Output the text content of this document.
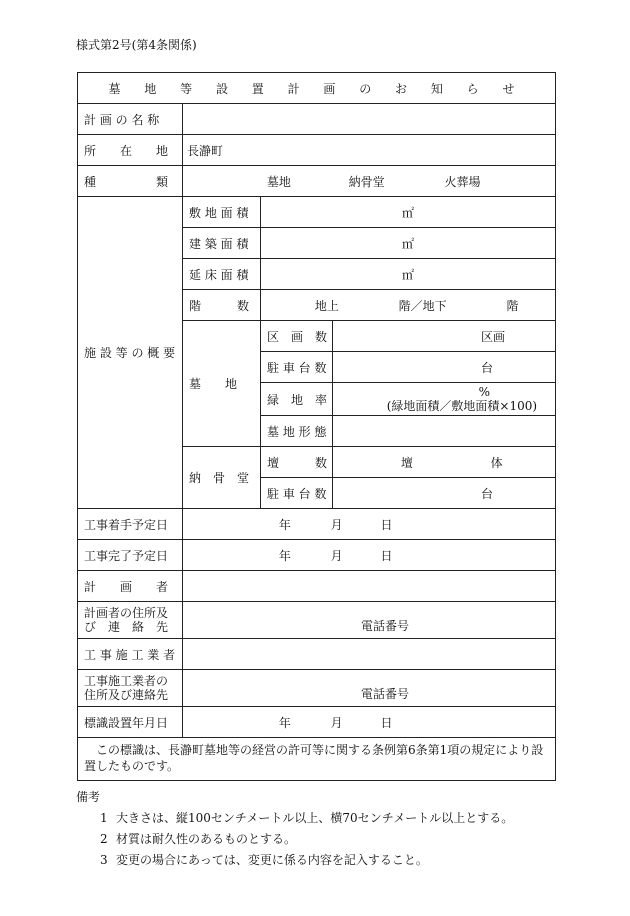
様式第2号(第4条関係)
墓 地 等 設 置 計 画 の お 知 ら せ			
計 画 の 名 称			
所　　在　　地	長瀞町		
種　　　　　類	墓地 納骨堂 火葬場		
施 設 等 の 概 要	敷 地 面 積	㎡	
	建 築 面 積	㎡	
	延 床 面 積	㎡	
	階　　　数	地上 階／地下 階	
	墓　　地	区　画　数	区画
		駐 車 台 数	台
		緑　地　率	%
(緑地面積／敷地面積×100)

		墓 地 形 態	
	納　骨　堂	壇　　　数	壇 体
		駐 車 台 数	台
工事着手予定日	年 月 日		
工事完了予定日	年 月 日		
計　　画　　者			

計画者の住所及
び　連　絡　先	電話番号		
工 事 施 工 業 者			

工事施工業者の
住所及び連絡先	電話番号		
標識設置年月日	年 月 日		
　この標識は、長瀞町墓地等の経営の許可等に関する条例第6条第1項の規定により設置したものです。			
備考
1 大きさは、縦100センチメートル以上、横70センチメートル以上とする。
2 材質は耐久性のあるものとする。
3 変更の場合にあっては、変更に係る内容を記入すること。
